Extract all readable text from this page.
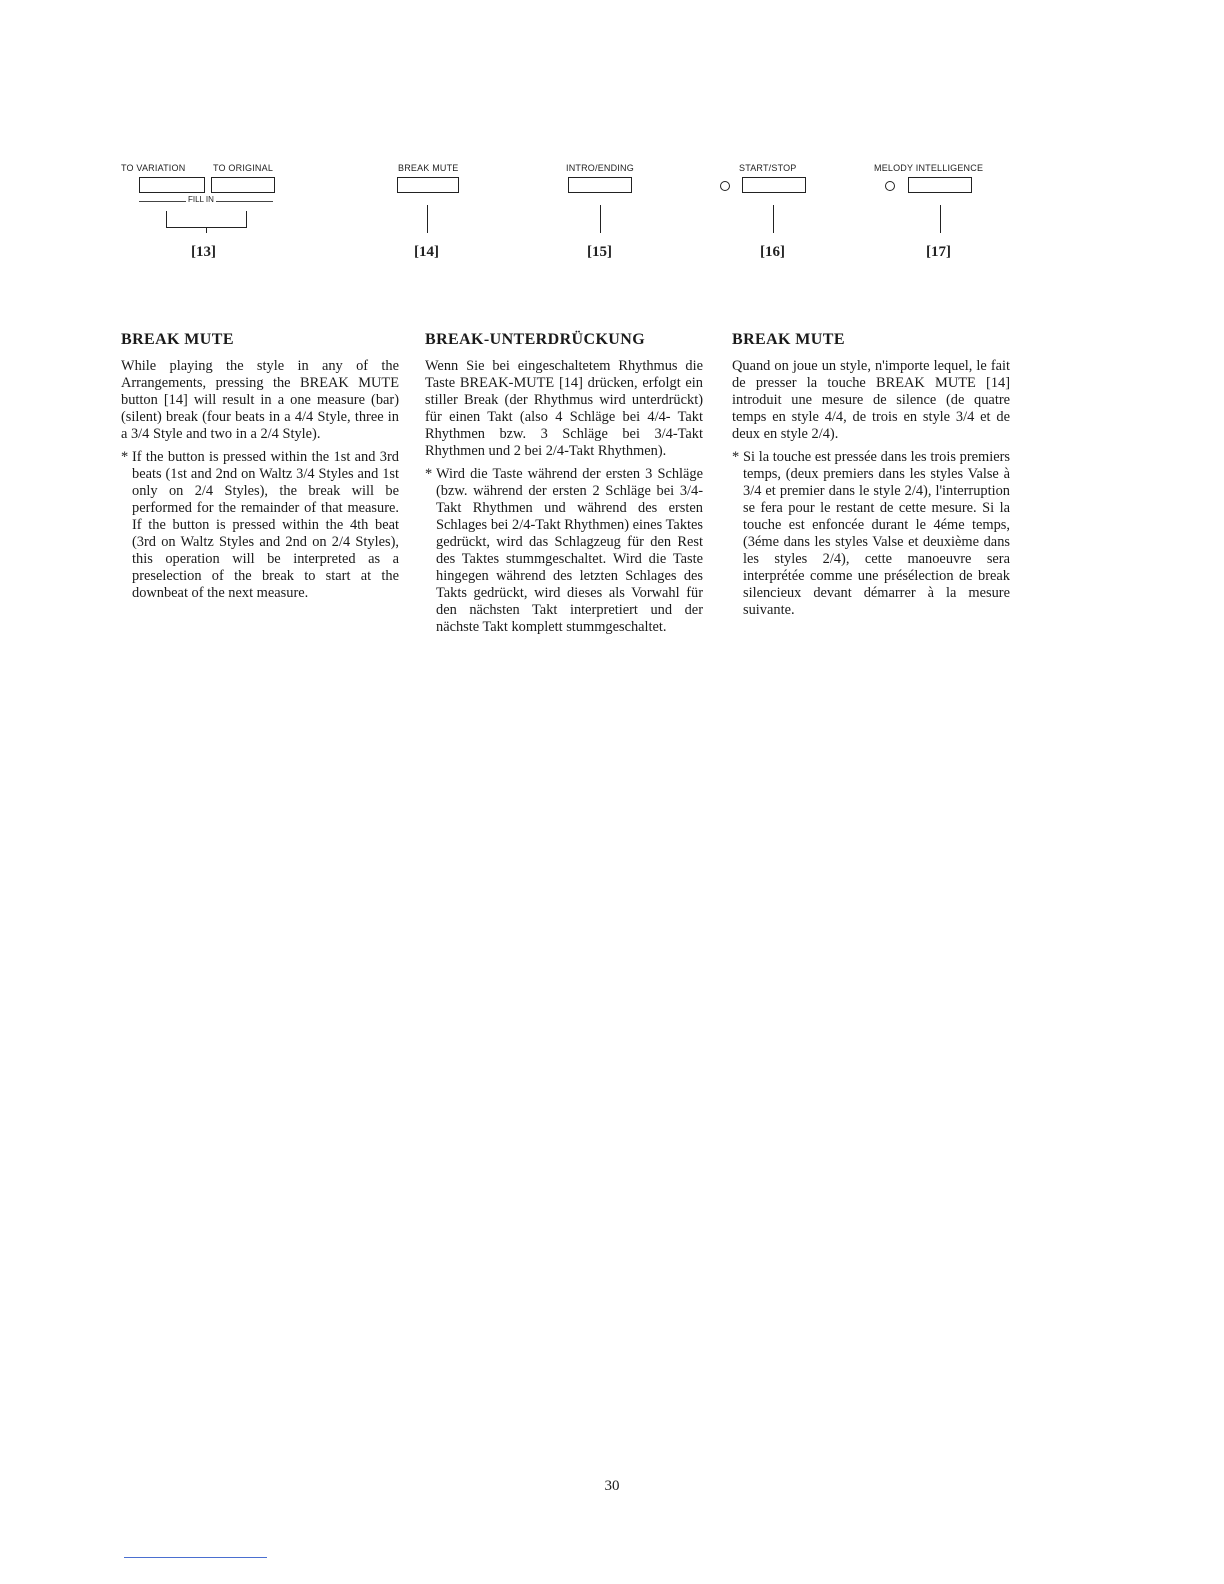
TO VARIATION	TO ORIGINAL
FILL IN
[13]
BREAK MUTE
[14]
INTRO/ENDING
[15]
START/STOP
[16]
MELODY INTELLIGENCE
[17]
BREAK MUTE

While playing the style in any of the Arrangements, pressing the BREAK MUTE button [14] will result in a one measure (bar) (silent) break (four beats in a 4/4 Style, three in a 3/4 Style and two in a 2/4 Style).

* If the button is pressed within the 1st and 3rd beats (1st and 2nd on Waltz 3/4 Styles and 1st only on 2/4 Styles), the break will be performed for the remainder of that measure. If the button is pressed within the 4th beat (3rd on Waltz Styles and 2nd on 2/4 Styles), this operation will be interpreted as a preselection of the break to start at the downbeat of the next measure.
BREAK-UNTERDRÜCKUNG

Wenn Sie bei eingeschaltetem Rhythmus die Taste BREAK-MUTE [14] drücken, erfolgt ein stiller Break (der Rhythmus wird unterdrückt) für einen Takt (also 4 Schläge bei 4/4- Takt Rhythmen bzw. 3 Schläge bei 3/4-Takt Rhythmen und 2 bei 2/4-Takt Rhythmen).

* Wird die Taste während der ersten 3 Schläge (bzw. während der ersten 2 Schläge bei 3/4-Takt Rhythmen und während des ersten Schlages bei 2/4-Takt Rhythmen) eines Taktes gedrückt, wird das Schlagzeug für den Rest des Taktes stummgeschaltet. Wird die Taste hingegen während des letzten Schlages des Takts gedrückt, wird dieses als Vorwahl für den nächsten Takt interpretiert und der nächste Takt komplett stummgeschaltet.
BREAK MUTE

Quand on joue un style, n'importe lequel, le fait de presser la touche BREAK MUTE [14] introduit une mesure de silence (de quatre temps en style 4/4, de trois en style 3/4 et de deux en style 2/4).

* Si la touche est pressée dans les trois premiers temps, (deux premiers dans les styles Valse à 3/4 et premier dans le style 2/4), l'interruption se fera pour le restant de cette mesure. Si la touche est enfoncée durant le 4éme temps, (3éme dans les styles Valse et deuxième dans les styles 2/4), cette manoeuvre sera interprétée comme une présélection de break silencieux devant démarrer à la mesure suivante.
30
